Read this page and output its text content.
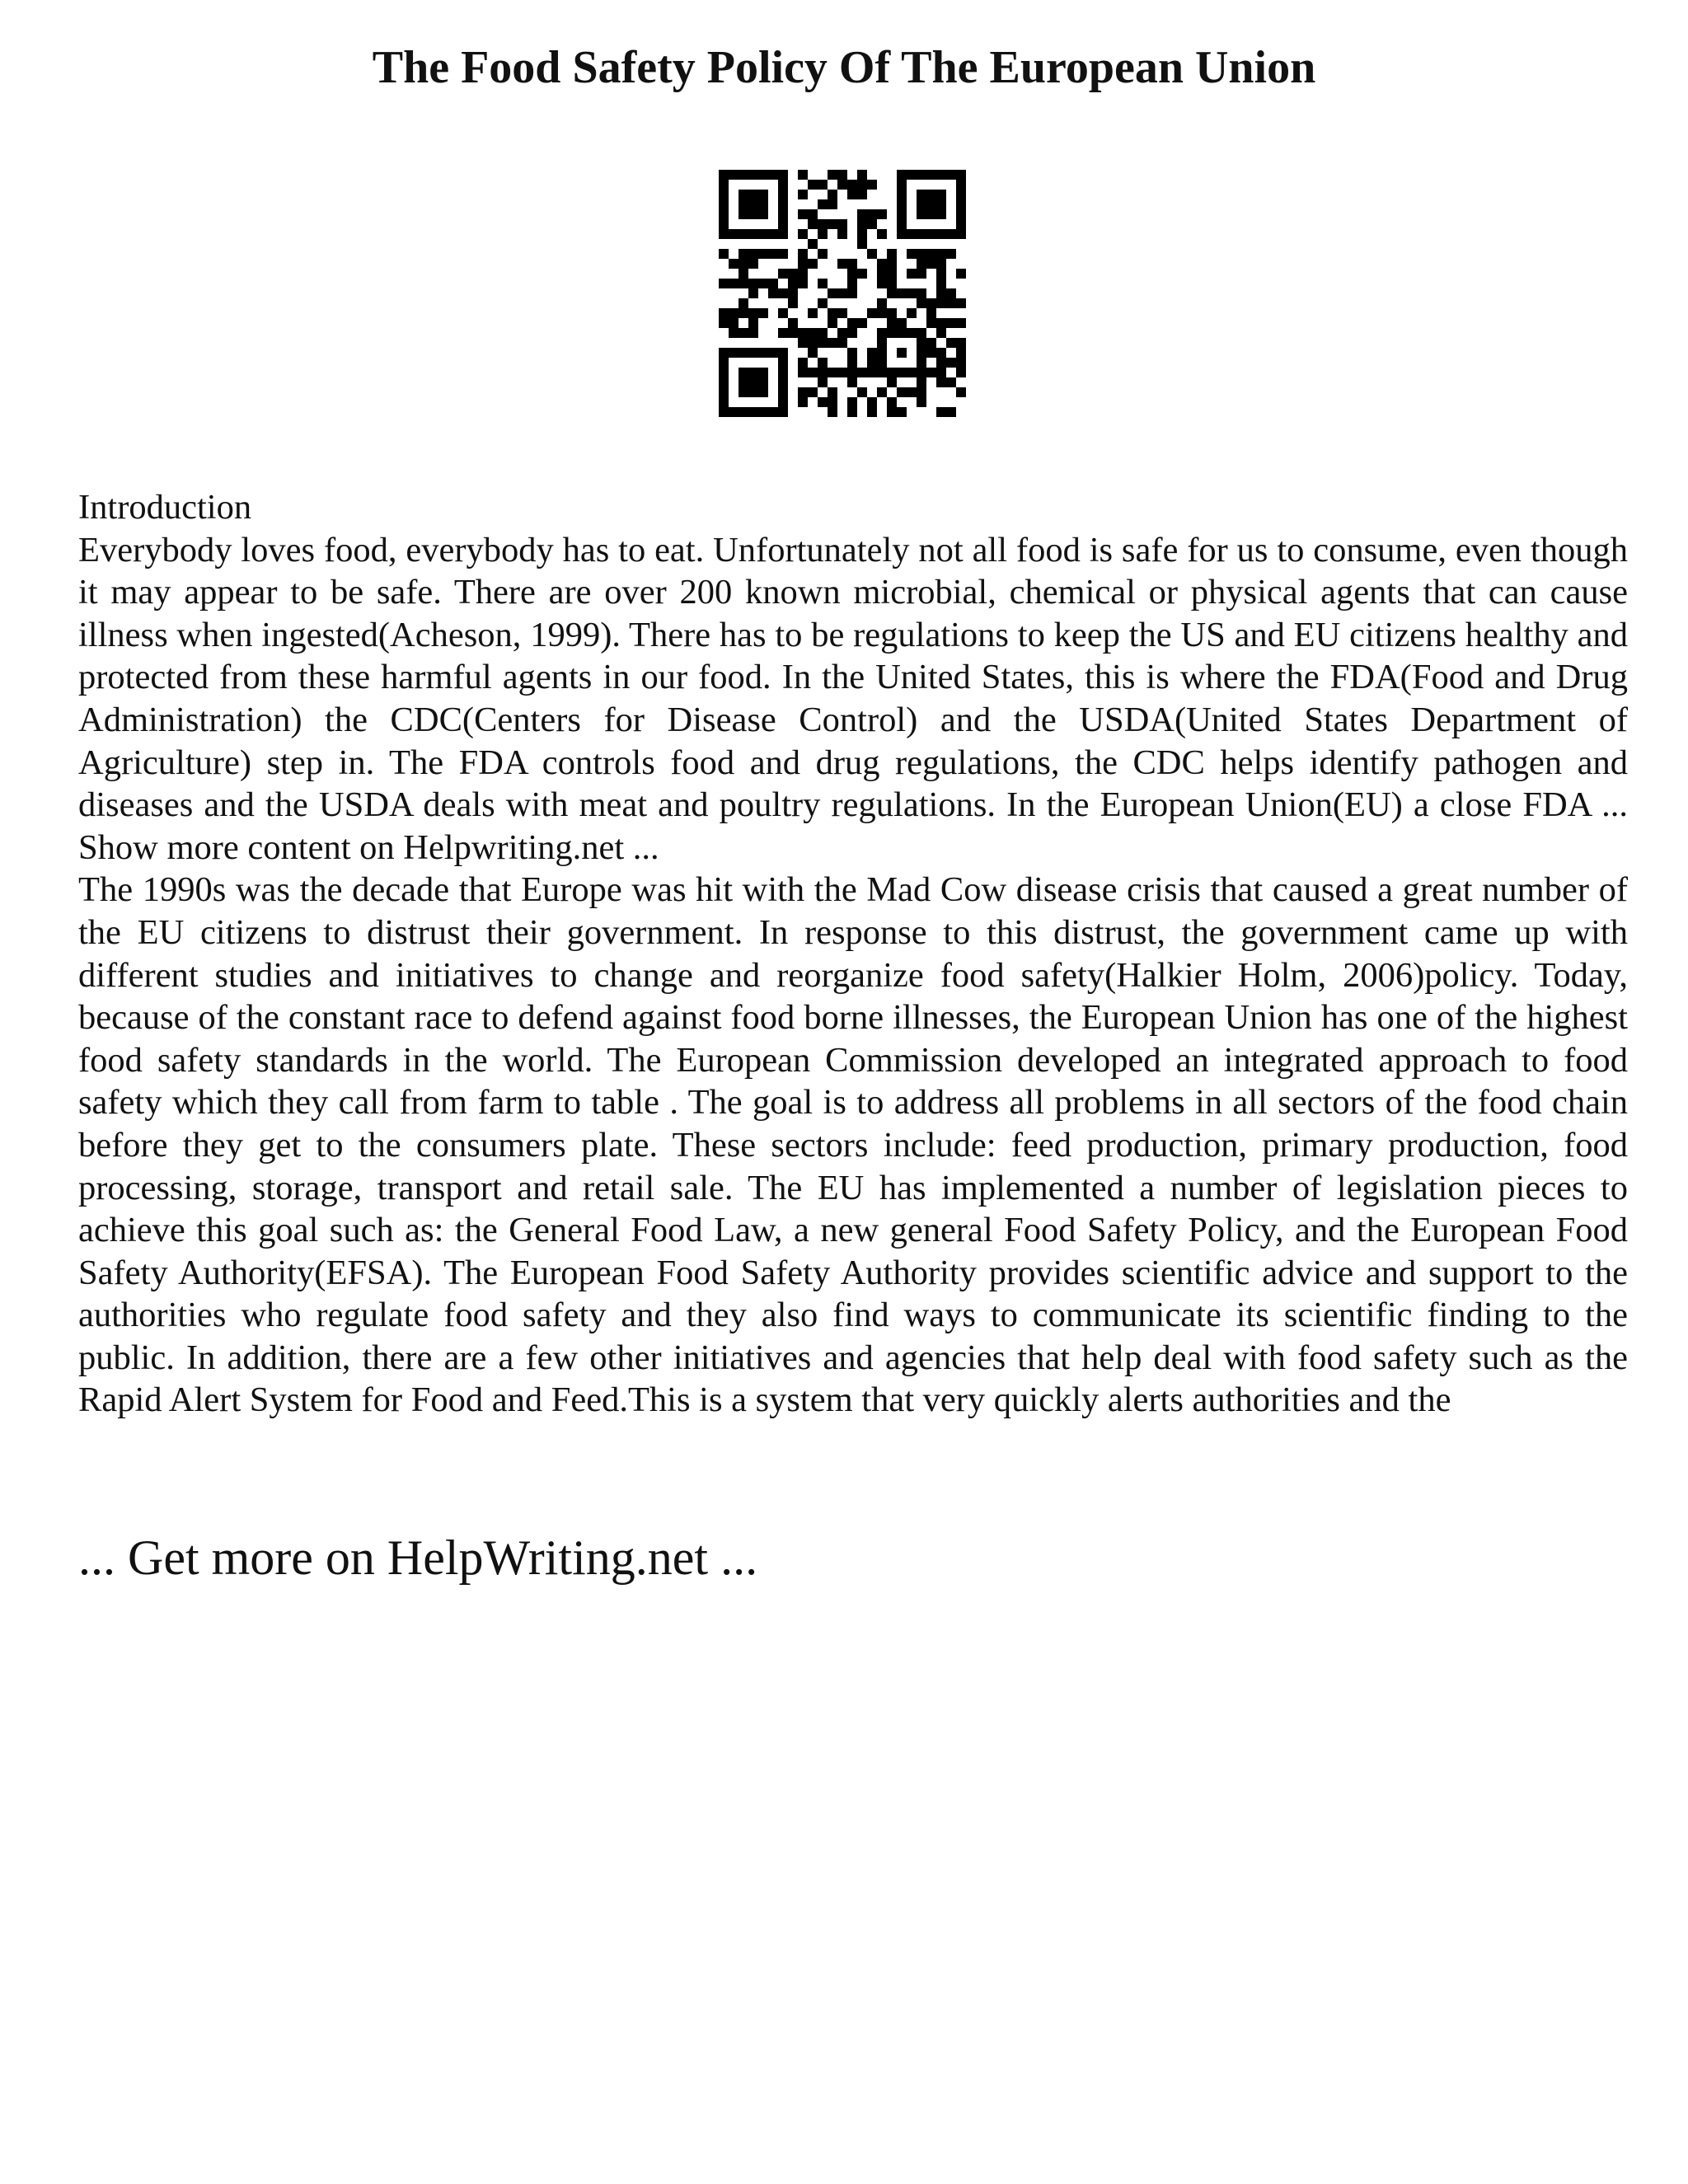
The Food Safety Policy Of The European Union

Introduction

Everybody loves food, everybody has to eat. Unfortunately not all food is safe for us to consume, even though it may appear to be safe. There are over 200 known microbial, chemical or physical agents that can cause illness when ingested(Acheson, 1999). There has to be regulations to keep the US and EU citizens healthy and protected from these harmful agents in our food. In the United States, this is where the FDA(Food and Drug Administration) the CDC(Centers for Disease Control) and the USDA(United States Department of Agriculture) step in. The FDA controls food and drug regulations, the CDC helps identify pathogen and diseases and the USDA deals with meat and poultry regulations. In the European Union(EU) a close FDA ... Show more content on Helpwriting.net ...

The 1990s was the decade that Europe was hit with the Mad Cow disease crisis that caused a great number of the EU citizens to distrust their government. In response to this distrust, the government came up with different studies and initiatives to change and reorganize food safety(Halkier Holm, 2006)policy. Today, because of the constant race to defend against food borne illnesses, the European Union has one of the highest food safety standards in the world. The European Commission developed an integrated approach to food safety which they call from farm to table . The goal is to address all problems in all sectors of the food chain before they get to the consumers plate. These sectors include: feed production, primary production, food processing, storage, transport and retail sale. The EU has implemented a number of legislation pieces to achieve this goal such as: the General Food Law, a new general Food Safety Policy, and the European Food Safety Authority(EFSA). The European Food Safety Authority provides scientific advice and support to the authorities who regulate food safety and they also find ways to communicate its scientific finding to the public. In addition, there are a few other initiatives and agencies that help deal with food safety such as the Rapid Alert System for Food and Feed.This is a system that very quickly alerts authorities and the

... Get more on HelpWriting.net ...
